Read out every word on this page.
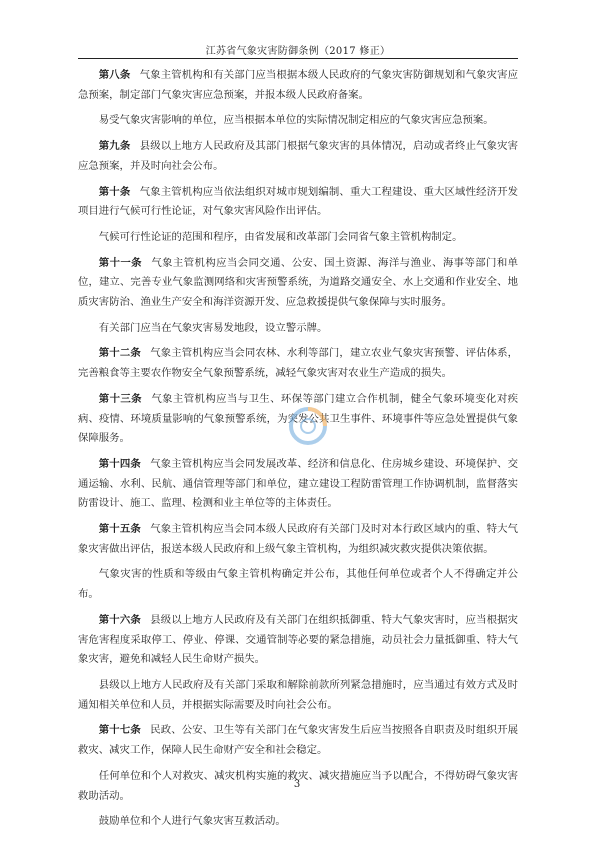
江苏省气象灾害防御条例（2017 修正）

第八条 气象主管机构和有关部门应当根据本级人民政府的气象灾害防御规划和气象灾害应急预案，制定部门气象灾害应急预案，并报本级人民政府备案。

易受气象灾害影响的单位，应当根据本单位的实际情况制定相应的气象灾害应急预案。

第九条 县级以上地方人民政府及其部门根据气象灾害的具体情况，启动或者终止气象灾害应急预案，并及时向社会公布。

第十条 气象主管机构应当依法组织对城市规划编制、重大工程建设、重大区域性经济开发项目进行气候可行性论证，对气象灾害风险作出评估。

气候可行性论证的范围和程序，由省发展和改革部门会同省气象主管机构制定。

第十一条 气象主管机构应当会同交通、公安、国土资源、海洋与渔业、海事等部门和单位，建立、完善专业气象监测网络和灾害预警系统，为道路交通安全、水上交通和作业安全、地质灾害防治、渔业生产安全和海洋资源开发、应急救援提供气象保障与实时服务。

有关部门应当在气象灾害易发地段，设立警示牌。

第十二条 气象主管机构应当会同农林、水利等部门，建立农业气象灾害预警、评估体系，完善粮食等主要农作物安全气象预警系统，减轻气象灾害对农业生产造成的损失。

第十三条 气象主管机构应当与卫生、环保等部门建立合作机制，健全气象环境变化对疾病、疫情、环境质量影响的气象预警系统，为突发公共卫生事件、环境事件等应急处置提供气象保障服务。

第十四条 气象主管机构应当会同发展改革、经济和信息化、住房城乡建设、环境保护、交通运输、水利、民航、通信管理等部门和单位，建立建设工程防雷管理工作协调机制，监督落实防雷设计、施工、监理、检测和业主单位等的主体责任。

第十五条 气象主管机构应当会同本级人民政府有关部门及时对本行政区域内的重、特大气象灾害做出评估，报送本级人民政府和上级气象主管机构，为组织减灾救灾提供决策依据。

气象灾害的性质和等级由气象主管机构确定并公布，其他任何单位或者个人不得确定并公布。

第十六条 县级以上地方人民政府及有关部门在组织抵御重、特大气象灾害时，应当根据灾害危害程度采取停工、停业、停课、交通管制等必要的紧急措施，动员社会力量抵御重、特大气象灾害，避免和减轻人民生命财产损失。

县级以上地方人民政府及有关部门采取和解除前款所列紧急措施时，应当通过有效方式及时通知相关单位和人员，并根据实际需要及时向社会公布。

第十七条 民政、公安、卫生等有关部门在气象灾害发生后应当按照各自职责及时组织开展救灾、减灾工作，保障人民生命财产安全和社会稳定。

任何单位和个人对救灾、减灾机构实施的救灾、减灾措施应当予以配合，不得妨碍气象灾害救助活动。

鼓励单位和个人进行气象灾害互救活动。

3
